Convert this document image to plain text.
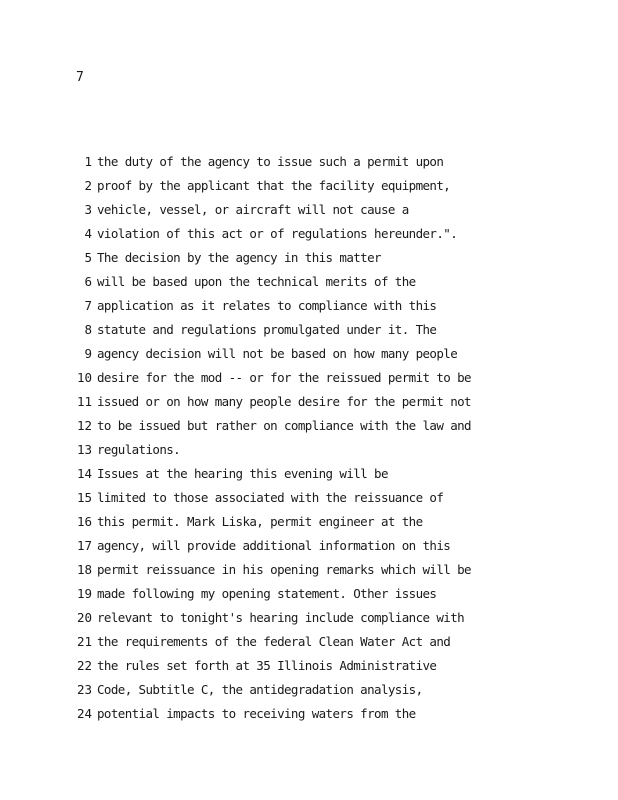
7
1 the duty of the agency to issue such a permit upon
2 proof by the applicant that the facility equipment,
3 vehicle, vessel, or aircraft will not cause a
4 violation of this act or of regulations hereunder.".
5 The decision by the agency in this matter
6 will be based upon the technical merits of the
7 application as it relates to compliance with this
8 statute and regulations promulgated under it. The
9 agency decision will not be based on how many people
10 desire for the mod -- or for the reissued permit to be
11 issued or on how many people desire for the permit not
12 to be issued but rather on compliance with the law and
13 regulations.
14 Issues at the hearing this evening will be
15 limited to those associated with the reissuance of
16 this permit. Mark Liska, permit engineer at the
17 agency, will provide additional information on this
18 permit reissuance in his opening remarks which will be
19 made following my opening statement. Other issues
20 relevant to tonight's hearing include compliance with
21 the requirements of the federal Clean Water Act and
22 the rules set forth at 35 Illinois Administrative
23 Code, Subtitle C, the antidegradation analysis,
24 potential impacts to receiving waters from the
